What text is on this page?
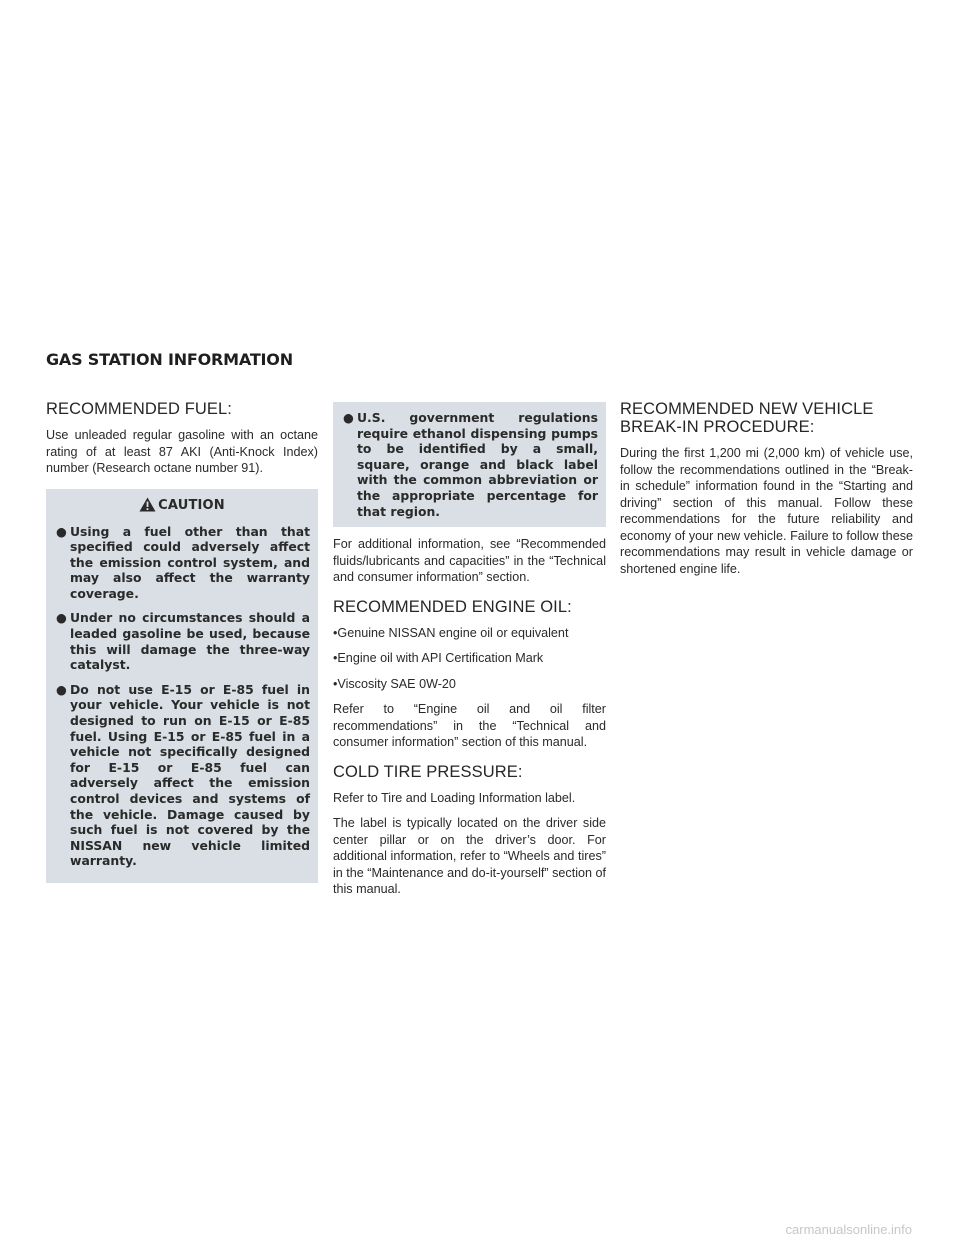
GAS STATION INFORMATION
RECOMMENDED FUEL:

Use unleaded regular gasoline with an octane rating of at least 87 AKI (Anti-Knock Index) number (Research octane number 91).

CAUTION
● Using a fuel other than that specified could adversely affect the emission control system, and may also affect the warranty coverage.
● Under no circumstances should a leaded gasoline be used, because this will damage the three-way catalyst.
● Do not use E-15 or E-85 fuel in your vehicle. Your vehicle is not designed to run on E-15 or E-85 fuel. Using E-15 or E-85 fuel in a vehicle not specifically designed for E-15 or E-85 fuel can adversely affect the emission control devices and systems of the vehicle. Damage caused by such fuel is not covered by the NISSAN new vehicle limited warranty.
● U.S. government regulations require ethanol dispensing pumps to be identified by a small, square, orange and black label with the common abbreviation or the appropriate percentage for that region.

For additional information, see “Recommended fluids/lubricants and capacities” in the “Technical and consumer information” section.

RECOMMENDED ENGINE OIL:

•Genuine NISSAN engine oil or equivalent

•Engine oil with API Certification Mark

•Viscosity SAE 0W-20

Refer to “Engine oil and oil filter recommendations” in the “Technical and consumer information” section of this manual.

COLD TIRE PRESSURE:

Refer to Tire and Loading Information label.

The label is typically located on the driver side center pillar or on the driver’s door. For additional information, refer to “Wheels and tires” in the “Maintenance and do-it-yourself” section of this manual.

RECOMMENDED NEW VEHICLE BREAK-IN PROCEDURE:

During the first 1,200 mi (2,000 km) of vehicle use, follow the recommendations outlined in the “Break-in schedule” information found in the “Starting and driving” section of this manual. Follow these recommendations for the future reliability and economy of your new vehicle. Failure to follow these recommendations may result in vehicle damage or shortened engine life.

carmanualsonline.info
